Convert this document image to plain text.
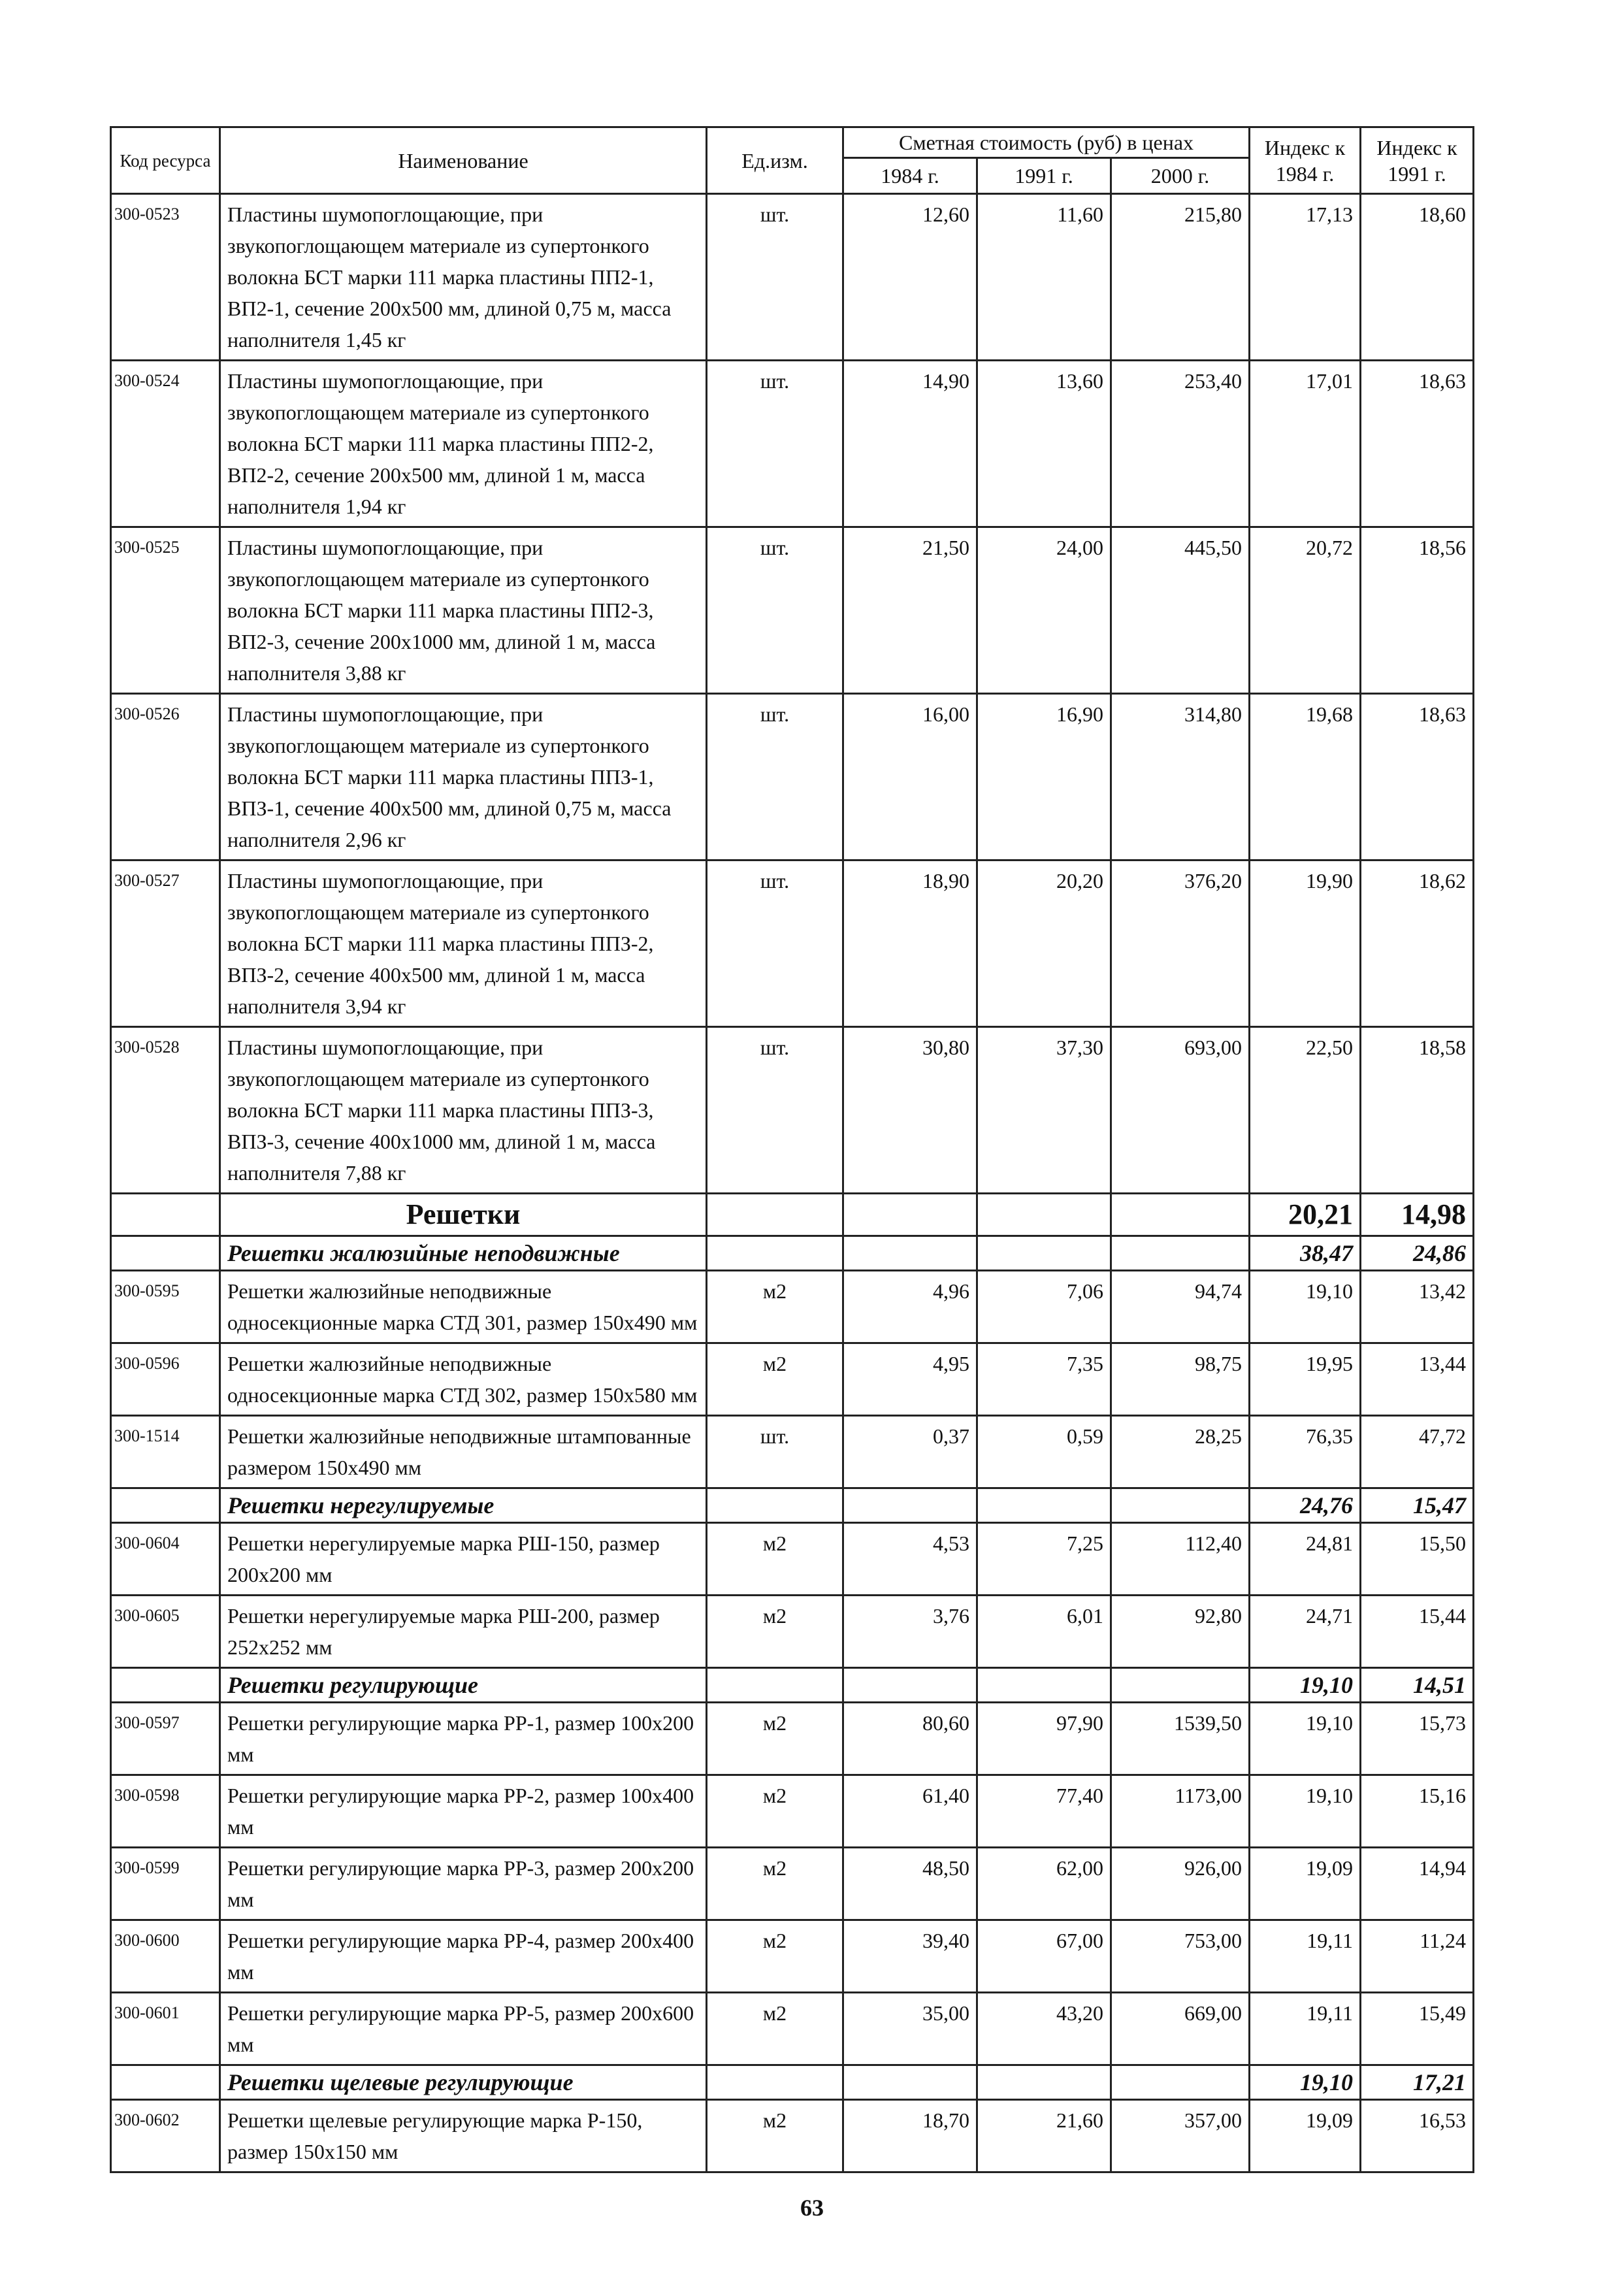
Код ресурса	Наименование	Ед.изм.	Сметная стоимость (руб) в ценах			Индекс к 1984 г.	Индекс к 1991 г.
			1984 г.	1991 г.	2000 г.		
300-0523	Пластины шумопоглощающие, при звукопоглощающем материале из супертонкого волокна БСТ марки 111 марка пластины ПП2-1, ВП2-1, сечение 200х500 мм, длиной 0,75 м, масса наполнителя 1,45 кг	шт.	12,60	11,60	215,80	17,13	18,60
300-0524	Пластины шумопоглощающие, при звукопоглощающем материале из супертонкого волокна БСТ марки 111 марка пластины ПП2-2, ВП2-2, сечение 200х500 мм, длиной 1 м, масса наполнителя 1,94 кг	шт.	14,90	13,60	253,40	17,01	18,63
300-0525	Пластины шумопоглощающие, при звукопоглощающем материале из супертонкого волокна БСТ марки 111 марка пластины ПП2-3, ВП2-3, сечение 200х1000 мм, длиной 1 м, масса наполнителя 3,88 кг	шт.	21,50	24,00	445,50	20,72	18,56
300-0526	Пластины шумопоглощающие, при звукопоглощающем материале из супертонкого волокна БСТ марки 111 марка пластины ППЗ-1, ВПЗ-1, сечение 400х500 мм, длиной 0,75 м, масса наполнителя 2,96 кг	шт.	16,00	16,90	314,80	19,68	18,63
300-0527	Пластины шумопоглощающие, при звукопоглощающем материале из супертонкого волокна БСТ марки 111 марка пластины ППЗ-2, ВПЗ-2, сечение 400х500 мм, длиной 1 м, масса наполнителя 3,94 кг	шт.	18,90	20,20	376,20	19,90	18,62
300-0528	Пластины шумопоглощающие, при звукопоглощающем материале из супертонкого волокна БСТ марки 111 марка пластины ППЗ-3, ВПЗ-3, сечение 400х1000 мм, длиной 1 м, масса наполнителя 7,88 кг	шт.	30,80	37,30	693,00	22,50	18,58
	Решетки					20,21	14,98
	Решетки жалюзийные неподвижные					38,47	24,86
300-0595	Решетки жалюзийные неподвижные односекционные марка СТД 301, размер 150х490 мм	м2	4,96	7,06	94,74	19,10	13,42
300-0596	Решетки жалюзийные неподвижные односекционные марка СТД 302, размер 150х580 мм	м2	4,95	7,35	98,75	19,95	13,44
300-1514	Решетки жалюзийные неподвижные штампованные размером 150х490 мм	шт.	0,37	0,59	28,25	76,35	47,72
	Решетки нерегулируемые					24,76	15,47
300-0604	Решетки нерегулируемые марка РШ-150, размер 200х200 мм	м2	4,53	7,25	112,40	24,81	15,50
300-0605	Решетки нерегулируемые марка РШ-200, размер 252х252 мм	м2	3,76	6,01	92,80	24,71	15,44
	Решетки регулирующие					19,10	14,51
300-0597	Решетки регулирующие марка РР-1, размер 100х200 мм	м2	80,60	97,90	1539,50	19,10	15,73
300-0598	Решетки регулирующие марка РР-2, размер 100х400 мм	м2	61,40	77,40	1173,00	19,10	15,16
300-0599	Решетки регулирующие марка РР-3, размер 200х200 мм	м2	48,50	62,00	926,00	19,09	14,94
300-0600	Решетки регулирующие марка РР-4, размер 200х400 мм	м2	39,40	67,00	753,00	19,11	11,24
300-0601	Решетки регулирующие марка РР-5, размер 200х600 мм	м2	35,00	43,20	669,00	19,11	15,49
	Решетки щелевые регулирующие					19,10	17,21
300-0602	Решетки щелевые регулирующие марка Р-150, размер 150х150 мм	м2	18,70	21,60	357,00	19,09	16,53
63
